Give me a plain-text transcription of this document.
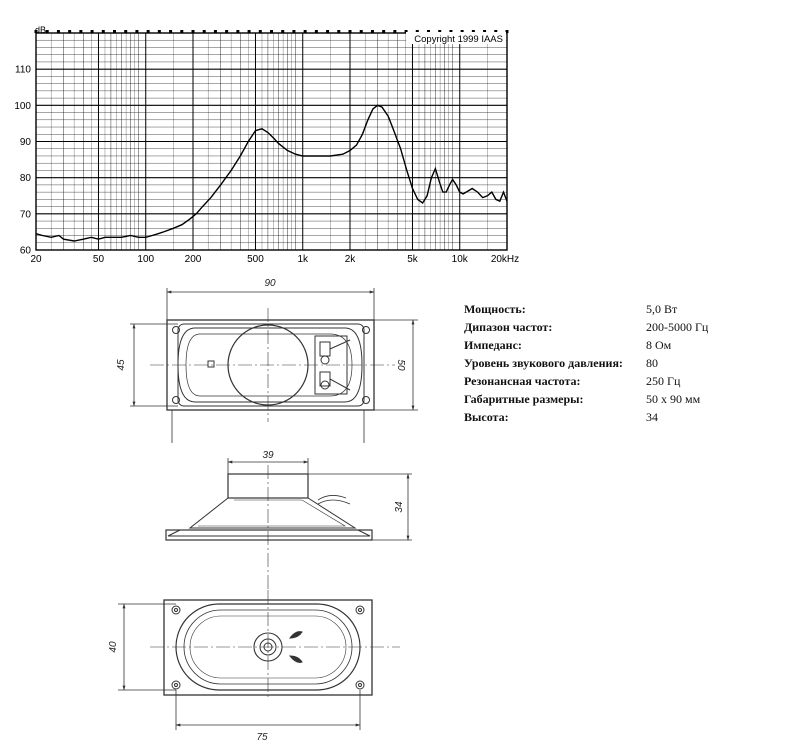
60
70
80
90
100
110
20	50	100	200	500	1k	2k	5k	10k 20kHz
dB
Copyright 1999 IAAS
Мощность:	5,0 Вт
Дипазон частот:	200-5000 Гц
Импеданс:	8 Ом
Уровень звукового давления:	80
Резонансная частота:	250 Гц
Габаритные размеры:	50 х 90 мм
Высота:	34
90
45	50
39
34
40
75
